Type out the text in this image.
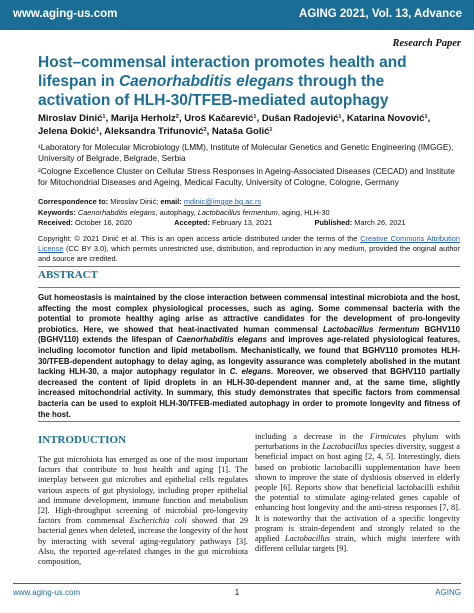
www.aging-us.com	AGING 2021, Vol. 13, Advance
Research Paper
Host–commensal interaction promotes health and lifespan in Caenorhabditis elegans through the activation of HLH-30/TFEB-mediated autophagy
Miroslav Dinić¹, Marija Herholz², Uroš Kačarević¹, Dušan Radojević¹, Katarina Novović¹, Jelena Đokić¹, Aleksandra Trifunović², Nataša Golić¹

¹Laboratory for Molecular Microbiology (LMM), Institute of Molecular Genetics and Genetic Engineering (IMGGE), University of Belgrade, Belgrade, Serbia

²Cologne Excellence Cluster on Cellular Stress Responses in Ageing-Associated Diseases (CECAD) and Institute for Mitochondrial Diseases and Ageing, Medical Faculty, University of Cologne, Cologne, Germany

Correspondence to: Miroslav Dinić; email: mdinic@imgge.bg.ac.rs
Keywords: Caenorhabditis elegans, autophagy, Lactobacillus fermentum, aging, HLH-30
Received: October 16, 2020	Accepted: February 13, 2021	Published: March 26, 2021
Copyright: © 2021 Dinić et al. This is an open access article distributed under the terms of the Creative Commons Attribution License (CC BY 3.0), which permits unrestricted use, distribution, and reproduction in any medium, provided the original author and source are credited.
ABSTRACT
Gut homeostasis is maintained by the close interaction between commensal intestinal microbiota and the host, affecting the most complex physiological processes, such as aging. Some commensal bacteria with the potential to promote healthy aging arise as attractive candidates for the development of pro-longevity probiotics. Here, we showed that heat-inactivated human commensal Lactobacillus fermentum BGHV110 (BGHV110) extends the lifespan of Caenorhabditis elegans and improves age-related physiological features, including locomotor function and lipid metabolism. Mechanistically, we found that BGHV110 promotes HLH-30/TFEB-dependent autophagy to delay aging, as longevity assurance was completely abolished in the mutant lacking HLH-30, a major autophagy regulator in C. elegans. Moreover, we observed that BGHV110 partially decreased the content of lipid droplets in an HLH-30-dependent manner and, at the same time, slightly increased mitochondrial activity. In summary, this study demonstrates that specific factors from commensal bacteria can be used to exploit HLH-30/TFEB-mediated autophagy in order to promote longevity and fitness of the host.
INTRODUCTION
The gut microbiota has emerged as one of the most important factors that contribute to host health and aging [1]. The interplay between gut microbes and epithelial cells regulates various aspects of gut physiology, including proper epithelial and immune development, immune function and metabolism [2]. High-throughput screening of microbial pro-longevity factors from commensal Escherichia coli showed that 29 bacterial genes when deleted, increase the longevity of the host by interacting with several aging-regulatory pathways [3]. Also, the reported age-related changes in the gut microbiota composition,
including a decrease in the Firmicutes phylum with perturbations in the Lactobacillus species diversity, suggest a beneficial impact on host aging [2, 4, 5]. Interestingly, diets based on probiotic lactobacilli supplementation have been shown to improve the state of dysbiosis observed in elderly people [6]. Reports show that beneficial lactobacilli exhibit the potential to stimulate aging-related genes capable of enhancing host longevity and the anti-stress responses [7, 8]. It is noteworthy that the activation of a specific longevity program is strain-dependent and strongly related to the applied Lactobacillus strain, which might interfere with different cellular targets [9].
www.aging-us.com	1	AGING
